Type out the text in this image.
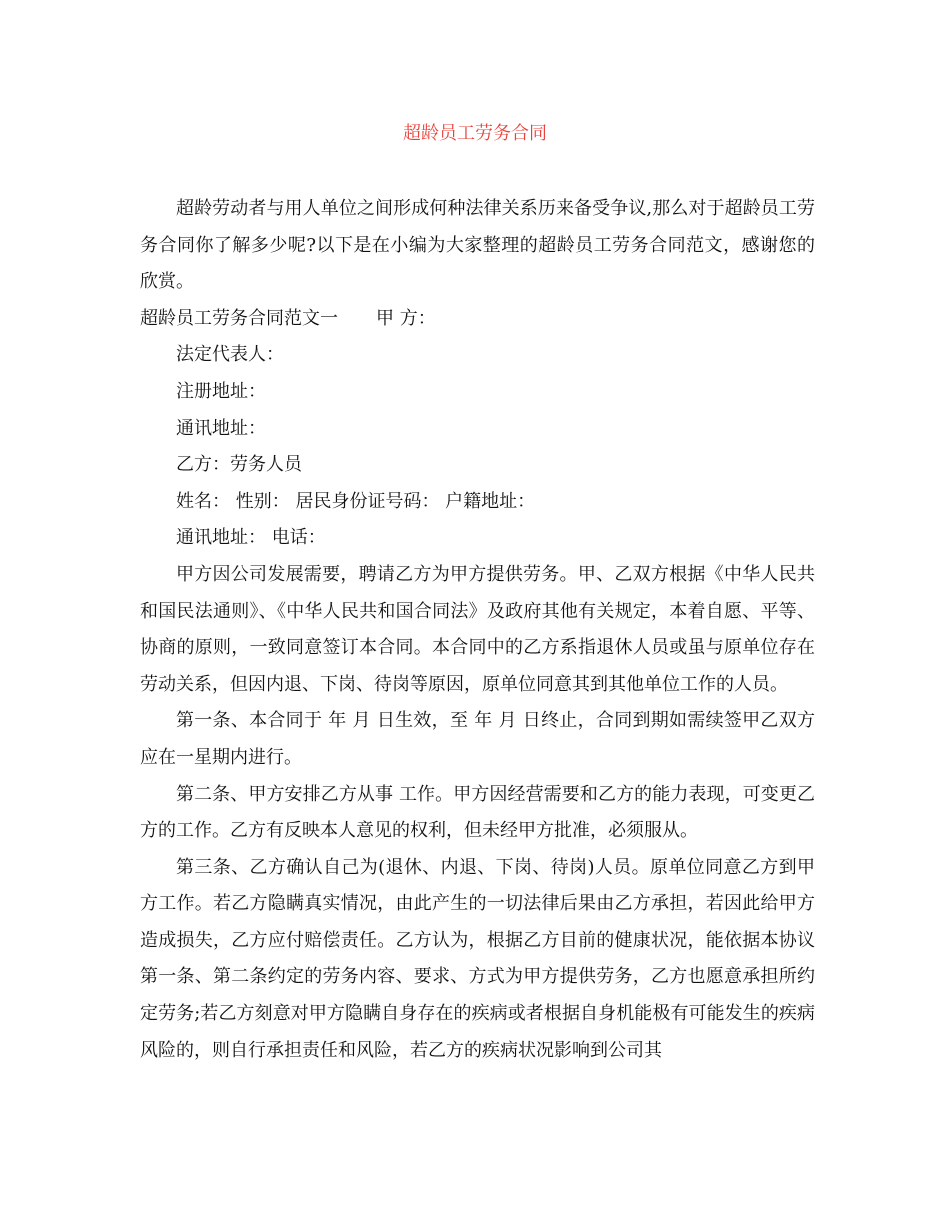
超龄员工劳务合同

超龄劳动者与用人单位之间形成何种法律关系历来备受争议,那么对于超龄员工劳务合同你了解多少呢?以下是在小编为大家整理的超龄员工劳务合同范文，感谢您的欣赏。

超龄员工劳务合同范文一 甲 方：

法定代表人：

注册地址：

通讯地址：

乙方：劳务人员

姓名： 性别： 居民身份证号码： 户籍地址：

通讯地址： 电话：

甲方因公司发展需要，聘请乙方为甲方提供劳务。甲、乙双方根据《中华人民共和国民法通则》、《中华人民共和国合同法》及政府其他有关规定，本着自愿、平等、协商的原则，一致同意签订本合同。本合同中的乙方系指退休人员或虽与原单位存在劳动关系，但因内退、下岗、待岗等原因，原单位同意其到其他单位工作的人员。

第一条、本合同于 年 月 日生效，至 年 月 日终止，合同到期如需续签甲乙双方应在一星期内进行。

第二条、甲方安排乙方从事 工作。甲方因经营需要和乙方的能力表现，可变更乙方的工作。乙方有反映本人意见的权利，但未经甲方批准，必须服从。

第三条、乙方确认自己为(退休、内退、下岗、待岗)人员。原单位同意乙方到甲方工作。若乙方隐瞒真实情况，由此产生的一切法律后果由乙方承担，若因此给甲方造成损失，乙方应付赔偿责任。乙方认为，根据乙方目前的健康状况，能依据本协议第一条、第二条约定的劳务内容、要求、方式为甲方提供劳务，乙方也愿意承担所约定劳务;若乙方刻意对甲方隐瞒自身存在的疾病或者根据自身机能极有可能发生的疾病风险的，则自行承担责任和风险，若乙方的疾病状况影响到公司其
